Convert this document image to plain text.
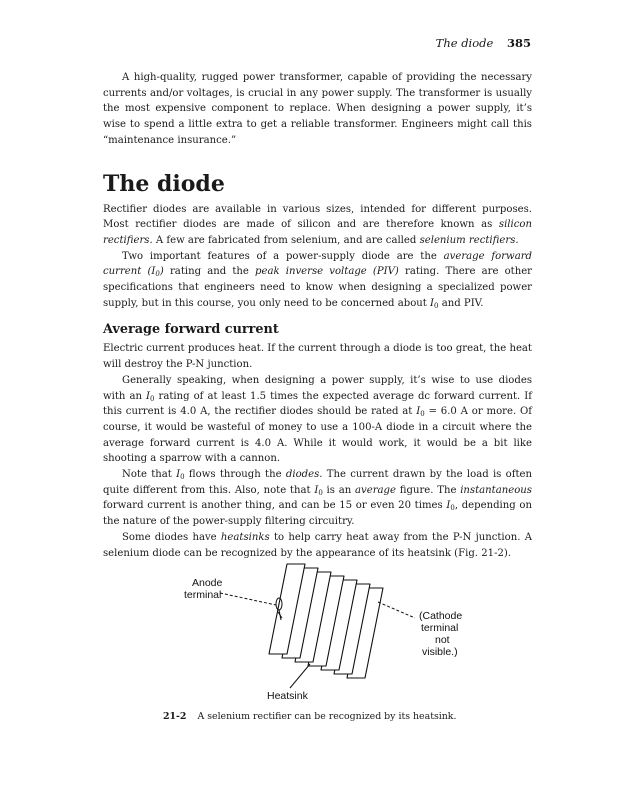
The diode 385

A high-quality, rugged power transformer, capable of providing the necessary currents and/or voltages, is crucial in any power supply. The transformer is usually the most expensive component to replace. When designing a power supply, it’s wise to spend a little extra to get a reliable transformer. Engineers might call this “maintenance insurance.”

The diode

Rectifier diodes are available in various sizes, intended for different purposes. Most rectifier diodes are made of silicon and are therefore known as silicon rectifiers. A few are fabricated from selenium, and are called selenium rectifiers.

Two important features of a power-supply diode are the average forward current $(I_0)$ rating and the peak inverse voltage (PIV) rating. There are other specifications that engineers need to know when designing a specialized power supply, but in this course, you only need to be concerned about $I_0$ and PIV.

Average forward current

Electric current produces heat. If the current through a diode is too great, the heat will destroy the P-N junction.

Generally speaking, when designing a power supply, it’s wise to use diodes with an $I_0$ rating of at least 1.5 times the expected average dc forward current. If this current is 4.0 A, the rectifier diodes should be rated at $I_0 = 6.0$ A or more. Of course, it would be wasteful of money to use a 100-A diode in a circuit where the average forward current is 4.0 A. While it would work, it would be a bit like shooting a sparrow with a cannon.

Note that $I_0$ flows through the diodes. The current drawn by the load is often quite different from this. Also, note that $I_0$ is an average figure. The instantaneous forward current is another thing, and can be 15 or even 20 times $I_0$, depending on the nature of the power-supply filtering circuitry.

Some diodes have heatsinks to help carry heat away from the P-N junction. A selenium diode can be recognized by the appearance of its heatsink (Fig. 21-2).

Anode
terminal
(Cathode
terminal
not
visible.)
Heatsink
21-2 A selenium rectifier can be recognized by its heatsink.
